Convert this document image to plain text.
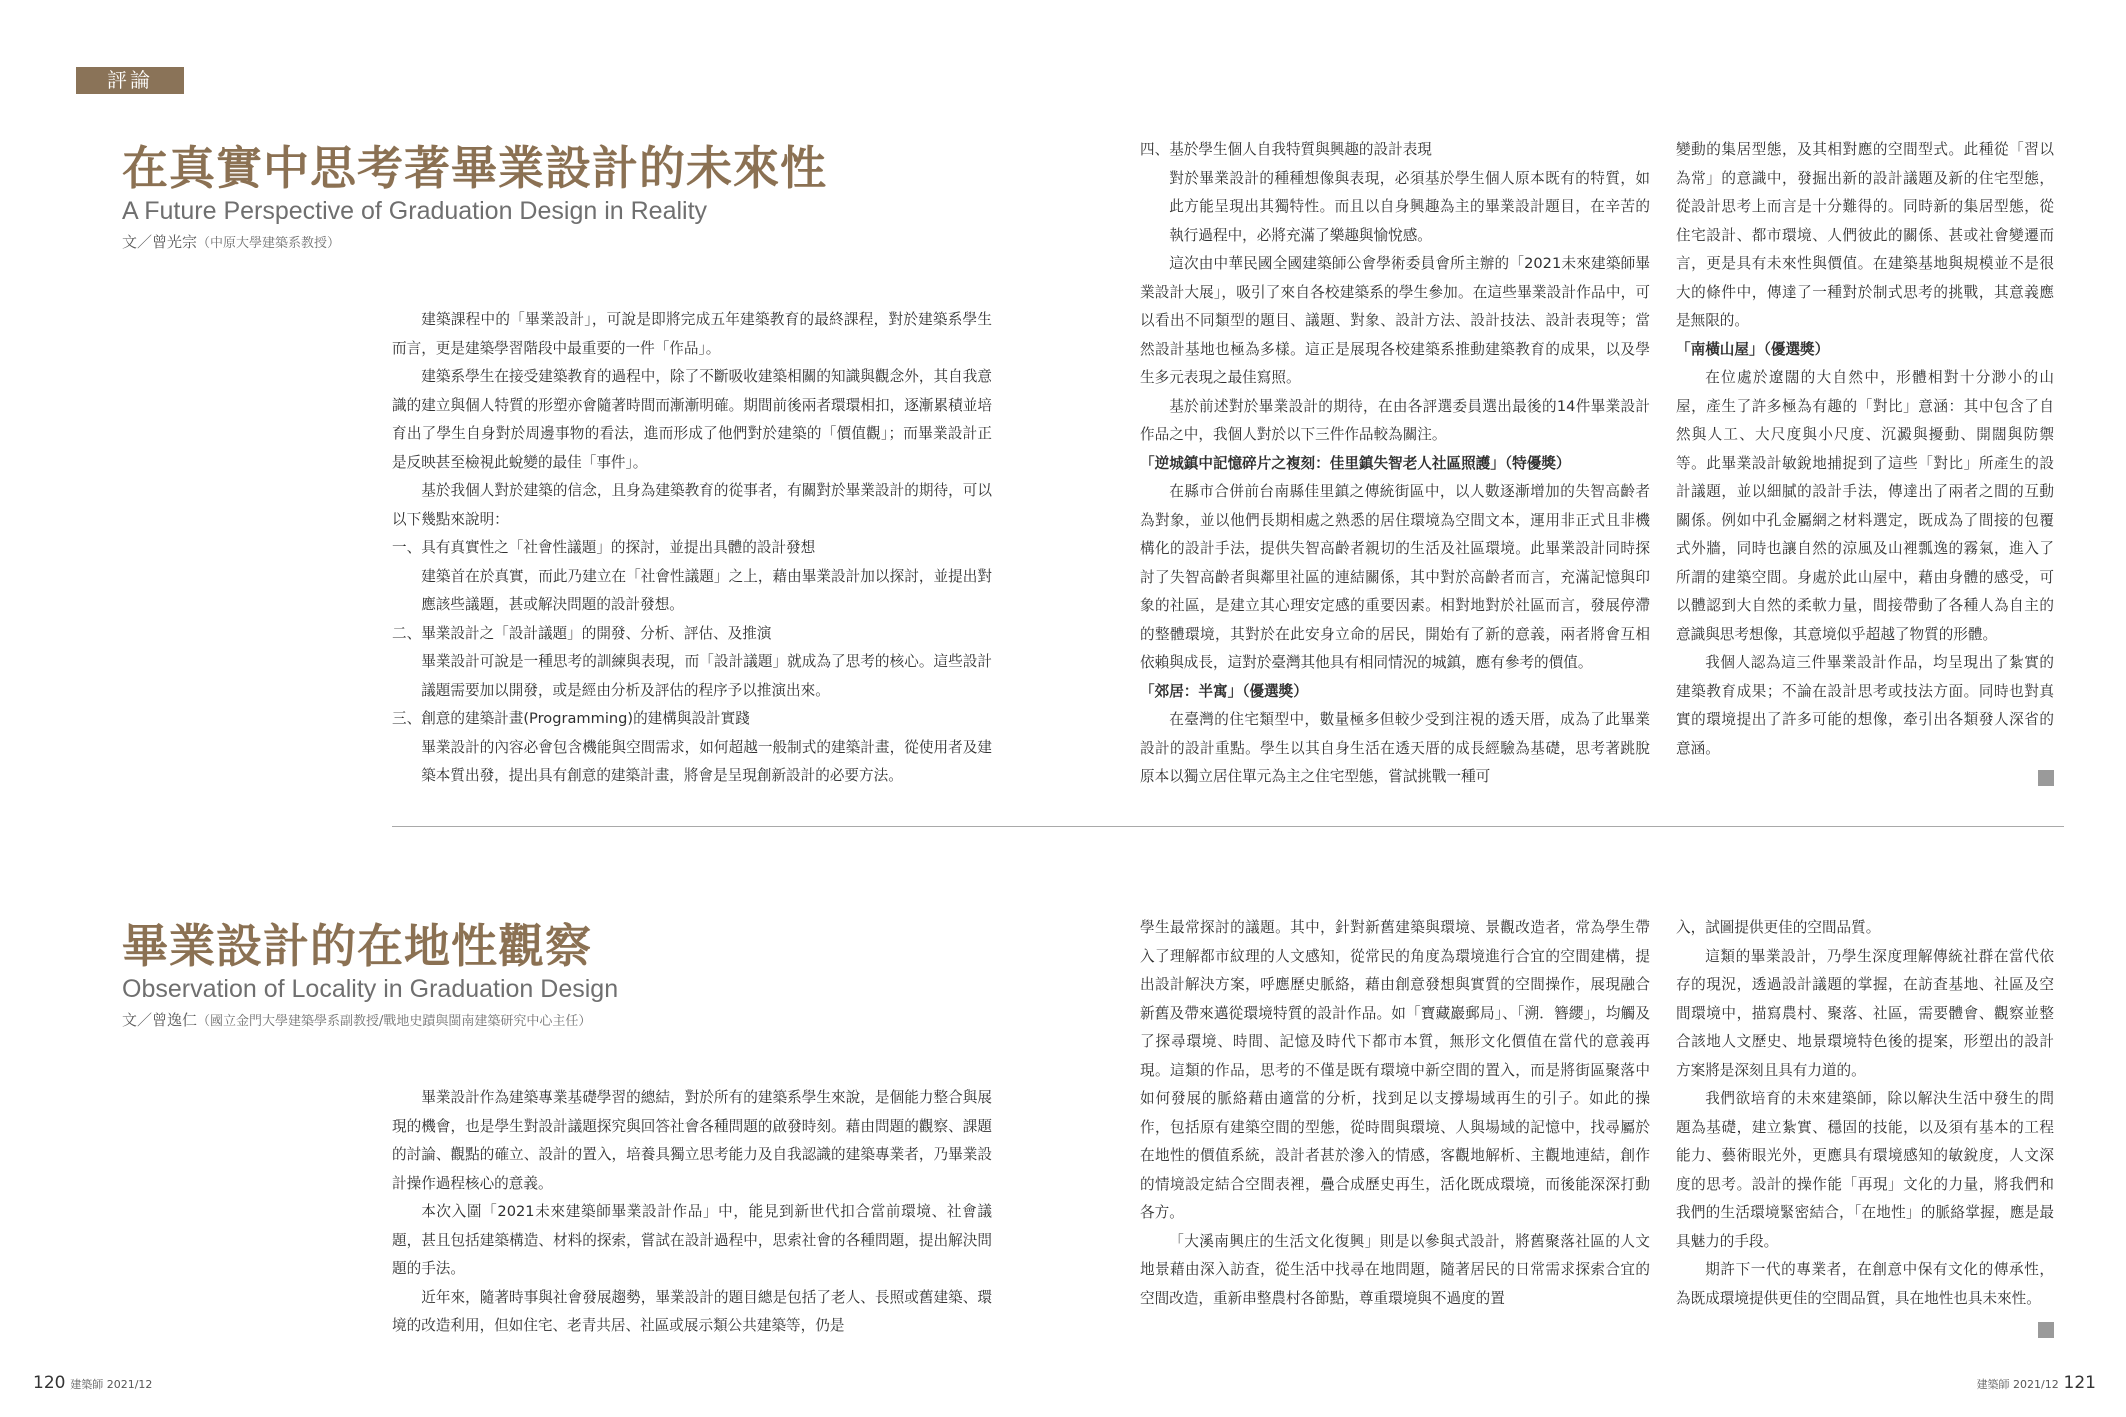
評論
在真實中思考著畢業設計的未來性

A Future Perspective of Graduation Design in Reality

文／曾光宗（中原大學建築系教授）

建築課程中的「畢業設計」，可說是即將完成五年建築教育的最終課程，對於建築系學生而言，更是建築學習階段中最重要的一件「作品」。

建築系學生在接受建築教育的過程中，除了不斷吸收建築相關的知識與觀念外，其自我意識的建立與個人特質的形塑亦會隨著時間而漸漸明確。期間前後兩者環環相扣，逐漸累積並培育出了學生自身對於周邊事物的看法，進而形成了他們對於建築的「價值觀」；而畢業設計正是反映甚至檢視此蛻變的最佳「事件」。

基於我個人對於建築的信念，且身為建築教育的從事者，有關對於畢業設計的期待，可以以下幾點來說明：

一、具有真實性之「社會性議題」的探討，並提出具體的設計發想

建築首在於真實，而此乃建立在「社會性議題」之上，藉由畢業設計加以探討，並提出對應該些議題，甚或解決問題的設計發想。

二、畢業設計之「設計議題」的開發、分析、評估、及推演

畢業設計可說是一種思考的訓練與表現，而「設計議題」就成為了思考的核心。這些設計議題需要加以開發，或是經由分析及評估的程序予以推演出來。

三、創意的建築計畫(Programming)的建構與設計實踐

畢業設計的內容必會包含機能與空間需求，如何超越一般制式的建築計畫，從使用者及建築本質出發，提出具有創意的建築計畫，將會是呈現創新設計的必要方法。

四、基於學生個人自我特質與興趣的設計表現

對於畢業設計的種種想像與表現，必須基於學生個人原本既有的特質，如此方能呈現出其獨特性。而且以自身興趣為主的畢業設計題目，在辛苦的執行過程中，必將充滿了樂趣與愉悅感。

這次由中華民國全國建築師公會學術委員會所主辦的「2021未來建築師畢業設計大展」，吸引了來自各校建築系的學生參加。在這些畢業設計作品中，可以看出不同類型的題目、議題、對象、設計方法、設計技法、設計表現等；當然設計基地也極為多樣。這正是展現各校建築系推動建築教育的成果，以及學生多元表現之最佳寫照。

基於前述對於畢業設計的期待，在由各評選委員選出最後的14件畢業設計作品之中，我個人對於以下三件作品較為關注。

「逆城鎮中記憶碎片之複刻：佳里鎮失智老人社區照護」（特優獎）

在縣市合併前台南縣佳里鎮之傳統街區中，以人數逐漸增加的失智高齡者為對象，並以他們長期相處之熟悉的居住環境為空間文本，運用非正式且非機構化的設計手法，提供失智高齡者親切的生活及社區環境。此畢業設計同時探討了失智高齡者與鄰里社區的連結關係，其中對於高齡者而言，充滿記憶與印象的社區，是建立其心理安定感的重要因素。相對地對於社區而言，發展停滯的整體環境，其對於在此安身立命的居民，開始有了新的意義，兩者將會互相依賴與成長，這對於臺灣其他具有相同情況的城鎮，應有參考的價值。

「郊居：半寓」（優選獎）

在臺灣的住宅類型中，數量極多但較少受到注視的透天厝，成為了此畢業設計的設計重點。學生以其自身生活在透天厝的成長經驗為基礎，思考著跳脫原本以獨立居住單元為主之住宅型態，嘗試挑戰一種可

變動的集居型態，及其相對應的空間型式。此種從「習以為常」的意識中，發掘出新的設計議題及新的住宅型態，從設計思考上而言是十分難得的。同時新的集居型態，從住宅設計、都市環境、人們彼此的關係、甚或社會變遷而言，更是具有未來性與價值。在建築基地與規模並不是很大的條件中，傳達了一種對於制式思考的挑戰，其意義應是無限的。

「南橫山屋」（優選獎）

在位處於遼闊的大自然中，形體相對十分渺小的山屋，產生了許多極為有趣的「對比」意涵：其中包含了自然與人工、大尺度與小尺度、沉澱與擾動、開闊與防禦等。此畢業設計敏銳地捕捉到了這些「對比」所產生的設計議題，並以細膩的設計手法，傳達出了兩者之間的互動關係。例如中孔金屬網之材料選定，既成為了間接的包覆式外牆，同時也讓自然的涼風及山裡瓢逸的霧氣，進入了所謂的建築空間。身處於此山屋中，藉由身體的感受，可以體認到大自然的柔軟力量，間接帶動了各種人為自主的意識與思考想像，其意境似乎超越了物質的形體。

我個人認為這三件畢業設計作品，均呈現出了紮實的建築教育成果；不論在設計思考或技法方面。同時也對真實的環境提出了許多可能的想像，牽引出各類發人深省的意涵。

畢業設計的在地性觀察

Observation of Locality in Graduation Design

文／曾逸仁（國立金門大學建築學系副教授/戰地史蹟與閩南建築研究中心主任）

畢業設計作為建築專業基礎學習的總結，對於所有的建築系學生來說，是個能力整合與展現的機會，也是學生對設計議題探究與回答社會各種問題的啟發時刻。藉由問題的觀察、課題的討論、觀點的確立、設計的置入，培養具獨立思考能力及自我認識的建築專業者，乃畢業設計操作過程核心的意義。

本次入圍「2021未來建築師畢業設計作品」中，能見到新世代扣合當前環境、社會議題，甚且包括建築構造、材料的探索，嘗試在設計過程中，思索社會的各種問題，提出解決問題的手法。

近年來，隨著時事與社會發展趨勢，畢業設計的題目總是包括了老人、長照或舊建築、環境的改造利用，但如住宅、老青共居、社區或展示類公共建築等，仍是

學生最常探討的議題。其中，針對新舊建築與環境、景觀改造者，常為學生帶入了理解都市紋理的人文感知，從常民的角度為環境進行合宜的空間建構，提出設計解決方案，呼應歷史脈絡，藉由創意發想與實質的空間操作，展現融合新舊及帶來邁從環境特質的設計作品。如「寶藏巖郵局」、「溯．簪纓」，均觸及了探尋環境、時間、記憶及時代下都市本質，無形文化價值在當代的意義再現。這類的作品，思考的不僅是既有環境中新空間的置入，而是將街區聚落中如何發展的脈絡藉由適當的分析，找到足以支撐場域再生的引子。如此的操作，包括原有建築空間的型態，從時間與環境、人與場域的記憶中，找尋屬於在地性的價值系統，設計者甚於滲入的情感，客觀地解析、主觀地連結，創作的情境設定結合空間表裡，疊合成歷史再生，活化既成環境，而後能深深打動各方。

「大溪南興庄的生活文化復興」則是以參與式設計，將舊聚落社區的人文地景藉由深入訪査，從生活中找尋在地問題，隨著居民的日常需求探索合宜的空間改造，重新串整農村各節點，尊重環境與不過度的置

入，試圖提供更佳的空間品質。

這類的畢業設計，乃學生深度理解傳統社群在當代依存的現況，透過設計議題的掌握，在訪査基地、社區及空間環境中，描寫農村、聚落、社區，需要體會、觀察並整合該地人文歷史、地景環境特色後的提案，形塑出的設計方案將是深刻且具有力道的。

我們欲培育的未來建築師，除以解決生活中發生的問題為基礎，建立紮實、穩固的技能，以及須有基本的工程能力、藝術眼光外，更應具有環境感知的敏銳度，人文深度的思考。設計的操作能「再現」文化的力量，將我們和我們的生活環境緊密結合，「在地性」的脈絡掌握，應是最具魅力的手段。

期許下一代的專業者，在創意中保有文化的傳承性，為既成環境提供更佳的空間品質，具在地性也具未來性。

120 建築師 2021/12	建築師 2021/12 121
